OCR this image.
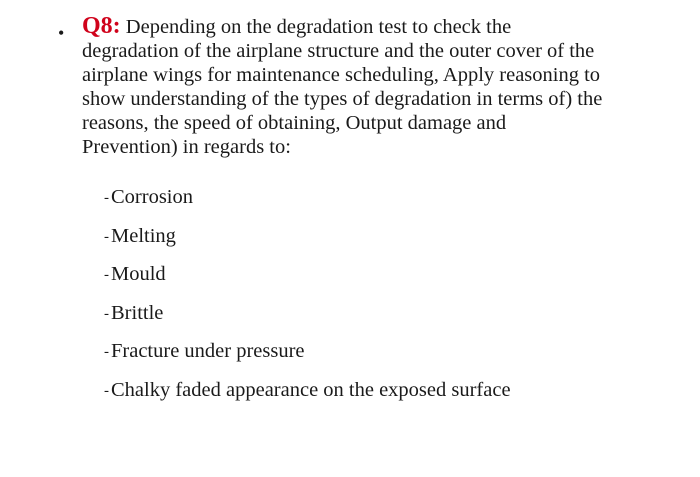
• Q8: Depending on the degradation test to check the
degradation of the airplane structure and the outer cover of the
airplane wings for maintenance scheduling, Apply reasoning to
show understanding of the types of degradation in terms of) the
reasons, the speed of obtaining, Output damage and
Prevention) in regards to:
-Corrosion
-Melting
-Mould
-Brittle
-Fracture under pressure
-Chalky faded appearance on the exposed surface
